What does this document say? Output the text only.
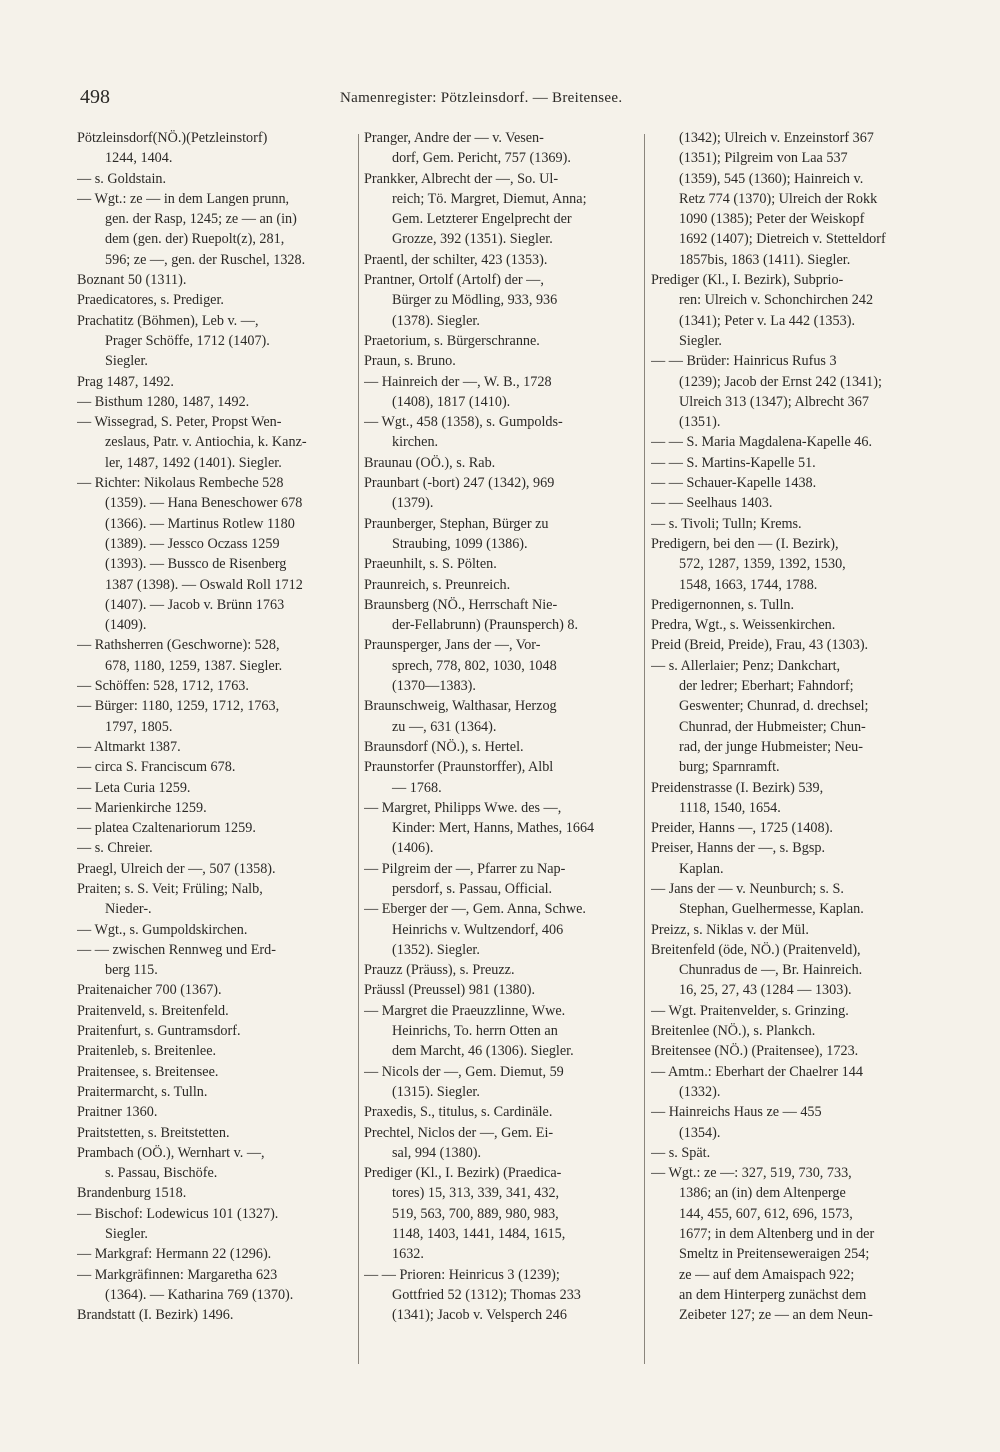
498	Namenregister: Pötzleinsdorf. — Breitensee.
Pötzleinsdorf(NÖ.)(Petzleinstorf)
1244, 1404.
— s. Goldstain.
— Wgt.: ze — in dem Langen prunn,
gen. der Rasp, 1245; ze — an (in)
dem (gen. der) Ruepolt(z), 281,
596; ze —, gen. der Ruschel, 1328.
Boznant 50 (1311).
Praedicatores, s. Prediger.
Prachatitz (Böhmen), Leb v. —,
Prager Schöffe, 1712 (1407).
Siegler.
Prag 1487, 1492.
— Bisthum 1280, 1487, 1492.
— Wissegrad, S. Peter, Propst Wen-
zeslaus, Patr. v. Antiochia, k. Kanz-
ler, 1487, 1492 (1401). Siegler.
— Richter: Nikolaus Rembeche 528
(1359). — Hana Beneschower 678
(1366). — Martinus Rotlew 1180
(1389). — Jessco Oczass 1259
(1393). — Bussco de Risenberg
1387 (1398). — Oswald Roll 1712
(1407). — Jacob v. Brünn 1763
(1409).
— Rathsherren (Geschworne): 528,
678, 1180, 1259, 1387. Siegler.
— Schöffen: 528, 1712, 1763.
— Bürger: 1180, 1259, 1712, 1763,
1797, 1805.
— Altmarkt 1387.
— circa S. Franciscum 678.
— Leta Curia 1259.
— Marienkirche 1259.
— platea Czaltenariorum 1259.
— s. Chreier.
Praegl, Ulreich der —, 507 (1358).
Praiten; s. S. Veit; Früling; Nalb,
Nieder-.
— Wgt., s. Gumpoldskirchen.
— — zwischen Rennweg und Erd-
berg 115.
Praitenaicher 700 (1367).
Praitenveld, s. Breitenfeld.
Praitenfurt, s. Guntramsdorf.
Praitenleb, s. Breitenlee.
Praitensee, s. Breitensee.
Praitermarcht, s. Tulln.
Praitner 1360.
Praitstetten, s. Breitstetten.
Prambach (OÖ.), Wernhart v. —,
s. Passau, Bischöfe.
Brandenburg 1518.
— Bischof: Lodewicus 101 (1327).
Siegler.
— Markgraf: Hermann 22 (1296).
— Markgräfinnen: Margaretha 623
(1364). — Katharina 769 (1370).
Brandstatt (I. Bezirk) 1496.
Pranger, Andre der — v. Vesen-
dorf, Gem. Pericht, 757 (1369).
Prankker, Albrecht der —, So. Ul-
reich; Tö. Margret, Diemut, Anna;
Gem. Letzterer Engelprecht der
Grozze, 392 (1351). Siegler.
Praentl, der schilter, 423 (1353).
Prantner, Ortolf (Artolf) der —,
Bürger zu Mödling, 933, 936
(1378). Siegler.
Praetorium, s. Bürgerschranne.
Praun, s. Bruno.
— Hainreich der —, W. B., 1728
(1408), 1817 (1410).
— Wgt., 458 (1358), s. Gumpolds-
kirchen.
Braunau (OÖ.), s. Rab.
Praunbart (-bort) 247 (1342), 969
(1379).
Praunberger, Stephan, Bürger zu
Straubing, 1099 (1386).
Praeunhilt, s. S. Pölten.
Praunreich, s. Preunreich.
Braunsberg (NÖ., Herrschaft Nie-
der-Fellabrunn) (Praunsperch) 8.
Praunsperger, Jans der —, Vor-
sprech, 778, 802, 1030, 1048
(1370—1383).
Braunschweig, Walthasar, Herzog
zu —, 631 (1364).
Braunsdorf (NÖ.), s. Hertel.
Praunstorfer (Praunstorffer), Albl
— 1768.
— Margret, Philipps Wwe. des —,
Kinder: Mert, Hanns, Mathes, 1664
(1406).
— Pilgreim der —, Pfarrer zu Nap-
persdorf, s. Passau, Official.
— Eberger der —, Gem. Anna, Schwe.
Heinrichs v. Wultzendorf, 406
(1352). Siegler.
Prauzz (Präuss), s. Preuzz.
Präussl (Preussel) 981 (1380).
— Margret die Praeuzzlinne, Wwe.
Heinrichs, To. herrn Otten an
dem Marcht, 46 (1306). Siegler.
— Nicols der —, Gem. Diemut, 59
(1315). Siegler.
Praxedis, S., titulus, s. Cardinäle.
Prechtel, Niclos der —, Gem. Ei-
sal, 994 (1380).
Prediger (Kl., I. Bezirk) (Praedica-
tores) 15, 313, 339, 341, 432,
519, 563, 700, 889, 980, 983,
1148, 1403, 1441, 1484, 1615,
1632.
— — Prioren: Heinricus 3 (1239);
Gottfried 52 (1312); Thomas 233
(1341); Jacob v. Velsperch 246
(1342); Ulreich v. Enzeinstorf 367
(1351); Pilgreim von Laa 537
(1359), 545 (1360); Hainreich v.
Retz 774 (1370); Ulreich der Rokk
1090 (1385); Peter der Weiskopf
1692 (1407); Dietreich v. Stetteldorf
1857bis, 1863 (1411). Siegler.
Prediger (Kl., I. Bezirk), Subprio-
ren: Ulreich v. Schonchirchen 242
(1341); Peter v. La 442 (1353).
Siegler.
— — Brüder: Hainricus Rufus 3
(1239); Jacob der Ernst 242 (1341);
Ulreich 313 (1347); Albrecht 367
(1351).
— — S. Maria Magdalena-Kapelle 46.
— — S. Martins-Kapelle 51.
— — Schauer-Kapelle 1438.
— — Seelhaus 1403.
— s. Tivoli; Tulln; Krems.
Predigern, bei den — (I. Bezirk),
572, 1287, 1359, 1392, 1530,
1548, 1663, 1744, 1788.
Predigernonnen, s. Tulln.
Predra, Wgt., s. Weissenkirchen.
Preid (Breid, Preide), Frau, 43 (1303).
— s. Allerlaier; Penz; Dankchart,
der ledrer; Eberhart; Fahndorf;
Geswenter; Chunrad, d. drechsel;
Chunrad, der Hubmeister; Chun-
rad, der junge Hubmeister; Neu-
burg; Sparnramft.
Preidenstrasse (I. Bezirk) 539,
1118, 1540, 1654.
Preider, Hanns —, 1725 (1408).
Preiser, Hanns der —, s. Bgsp.
Kaplan.
— Jans der — v. Neunburch; s. S.
Stephan, Guelhermesse, Kaplan.
Preizz, s. Niklas v. der Mül.
Breitenfeld (öde, NÖ.) (Praitenveld),
Chunradus de —, Br. Hainreich.
16, 25, 27, 43 (1284 — 1303).
— Wgt. Praitenvelder, s. Grinzing.
Breitenlee (NÖ.), s. Plankch.
Breitensee (NÖ.) (Praitensee), 1723.
— Amtm.: Eberhart der Chaelrer 144
(1332).
— Hainreichs Haus ze — 455
(1354).
— s. Spät.
— Wgt.: ze —: 327, 519, 730, 733,
1386; an (in) dem Altenperge
144, 455, 607, 612, 696, 1573,
1677; in dem Altenberg und in der
Smeltz in Preitenseweraigen 254;
ze — auf dem Amaispach 922;
an dem Hinterperg zunächst dem
Zeibeter 127; ze — an dem Neun-
